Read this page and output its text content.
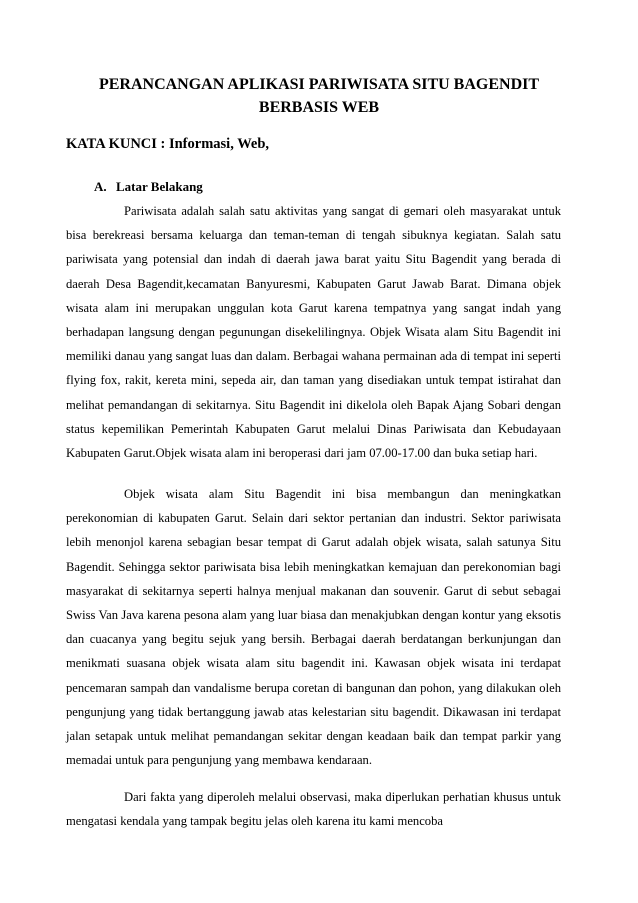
PERANCANGAN APLIKASI PARIWISATA SITU BAGENDIT
BERBASIS WEB

KATA KUNCI : Informasi, Web,

A. Latar Belakang

Pariwisata adalah salah satu aktivitas yang sangat di gemari oleh masyarakat untuk bisa berekreasi bersama keluarga dan teman-teman di tengah sibuknya kegiatan. Salah satu pariwisata yang potensial dan indah di daerah jawa barat yaitu Situ Bagendit yang berada di daerah Desa Bagendit,kecamatan Banyuresmi, Kabupaten Garut Jawab Barat. Dimana objek wisata alam ini merupakan unggulan kota Garut karena tempatnya yang sangat indah yang berhadapan langsung dengan pegunungan disekelilingnya. Objek Wisata alam Situ Bagendit ini memiliki danau yang sangat luas dan dalam. Berbagai wahana permainan ada di tempat ini seperti flying fox, rakit, kereta mini, sepeda air, dan taman yang disediakan untuk tempat istirahat dan melihat pemandangan di sekitarnya. Situ Bagendit ini dikelola oleh Bapak Ajang Sobari dengan status kepemilikan Pemerintah Kabupaten Garut melalui Dinas Pariwisata dan Kebudayaan Kabupaten Garut.Objek wisata alam ini beroperasi dari jam 07.00-17.00 dan buka setiap hari.

Objek wisata alam Situ Bagendit ini bisa membangun dan meningkatkan perekonomian di kabupaten Garut. Selain dari sektor pertanian dan industri. Sektor pariwisata lebih menonjol karena sebagian besar tempat di Garut adalah objek wisata, salah satunya Situ Bagendit. Sehingga sektor pariwisata bisa lebih meningkatkan kemajuan dan perekonomian bagi masyarakat di sekitarnya seperti halnya menjual makanan dan souvenir. Garut di sebut sebagai Swiss Van Java karena pesona alam yang luar biasa dan menakjubkan dengan kontur yang eksotis dan cuacanya yang begitu sejuk yang bersih. Berbagai daerah berdatangan berkunjungan dan menikmati suasana objek wisata alam situ bagendit ini. Kawasan objek wisata ini terdapat pencemaran sampah dan vandalisme berupa coretan di bangunan dan pohon, yang dilakukan oleh pengunjung yang tidak bertanggung jawab atas kelestarian situ bagendit. Dikawasan ini terdapat jalan setapak untuk melihat pemandangan sekitar dengan keadaan baik dan tempat parkir yang memadai untuk para pengunjung yang membawa kendaraan.

Dari fakta yang diperoleh melalui observasi, maka diperlukan perhatian khusus untuk mengatasi kendala yang tampak begitu jelas oleh karena itu kami mencoba
